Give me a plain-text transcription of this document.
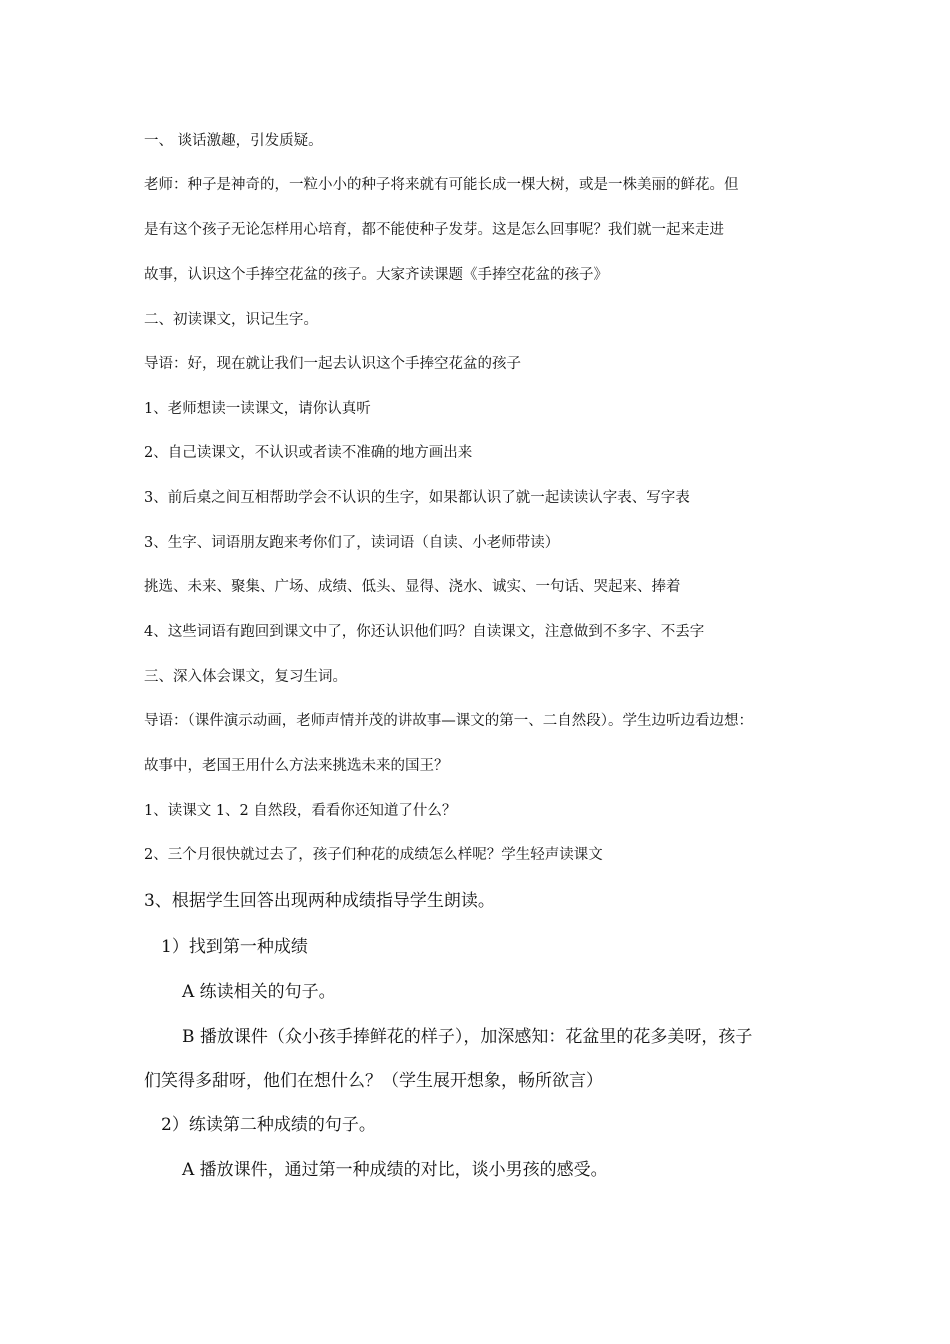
一、 谈话激趣，引发质疑。
老师：种子是神奇的，一粒小小的种子将来就有可能长成一棵大树，或是一株美丽的鲜花。但
是有这个孩子无论怎样用心培育，都不能使种子发芽。这是怎么回事呢？我们就一起来走进
故事，认识这个手捧空花盆的孩子。大家齐读课题《手捧空花盆的孩子》
二、初读课文，识记生字。
导语：好，现在就让我们一起去认识这个手捧空花盆的孩子
1、老师想读一读课文，请你认真听
2、自己读课文，不认识或者读不准确的地方画出来
3、前后桌之间互相帮助学会不认识的生字，如果都认识了就一起读读认字表、写字表
3、生字、词语朋友跑来考你们了，读词语（自读、小老师带读）
挑选、未来、聚集、广场、成绩、低头、显得、浇水、诚实、一句话、哭起来、捧着
4、这些词语有跑回到课文中了，你还认识他们吗？自读课文，注意做到不多字、不丢字
三、深入体会课文，复习生词。
导语：（课件演示动画，老师声情并茂的讲故事—课文的第一、二自然段）。学生边听边看边想：
故事中，老国王用什么方法来挑选未来的国王？
1、读课文 1、2 自然段，看看你还知道了什么？
2、三个月很快就过去了，孩子们种花的成绩怎么样呢？学生轻声读课文
3、根据学生回答出现两种成绩指导学生朗读。
1）找到第一种成绩
A 练读相关的句子。
B 播放课件（众小孩手捧鲜花的样子），加深感知：花盆里的花多美呀，孩子
们笑得多甜呀，他们在想什么？（学生展开想象，畅所欲言）
2）练读第二种成绩的句子。
A 播放课件，通过第一种成绩的对比，谈小男孩的感受。
